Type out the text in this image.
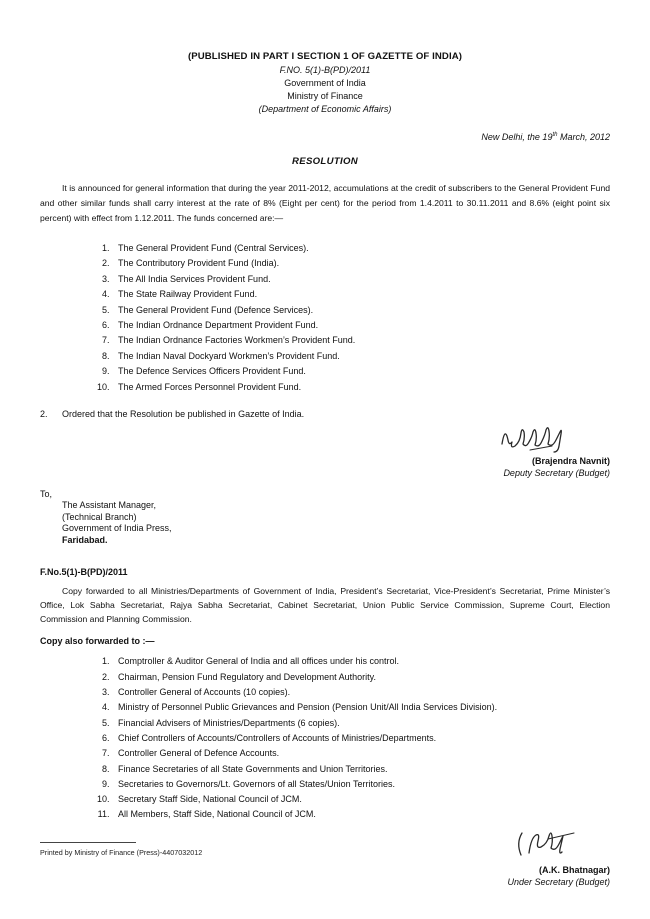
(PUBLISHED IN PART I SECTION 1 OF GAZETTE OF INDIA)
F.NO. 5(1)-B(PD)/2011
Government of India
Ministry of Finance
(Department of Economic Affairs)
New Delhi, the 19th March, 2012
RESOLUTION

It is announced for general information that during the year 2011-2012, accumulations at the credit of subscribers to the General Provident Fund and other similar funds shall carry interest at the rate of 8% (Eight per cent) for the period from 1.4.2011 to 30.11.2011 and 8.6% (eight point six percent) with effect from 1.12.2011. The funds concerned are:—

1. The General Provident Fund (Central Services).
2. The Contributory Provident Fund (India).
3. The All India Services Provident Fund.
4. The State Railway Provident Fund.
5. The General Provident Fund (Defence Services).
6. The Indian Ordnance Department Provident Fund.
7. The Indian Ordnance Factories Workmen’s Provident Fund.
8. The Indian Naval Dockyard Workmen’s Provident Fund.
9. The Defence Services Officers Provident Fund.
10. The Armed Forces Personnel Provident Fund.
2.	Ordered that the Resolution be published in Gazette of India.
(Brajendra Navnit)
Deputy Secretary (Budget)
To,
The Assistant Manager,
(Technical Branch)
Government of India Press,
Faridabad.
F.No.5(1)-B(PD)/2011

Copy forwarded to all Ministries/Departments of Government of India, President’s Secretariat, Vice-President’s Secretariat, Prime Minister’s Office, Lok Sabha Secretariat, Rajya Sabha Secretariat, Cabinet Secretariat, Union Public Service Commission, Supreme Court, Election Commission and Planning Commission.

Copy also forwarded to :—
1. Comptroller & Auditor General of India and all offices under his control.
2. Chairman, Pension Fund Regulatory and Development Authority.
3. Controller General of Accounts (10 copies).
4. Ministry of Personnel Public Grievances and Pension (Pension Unit/All India Services Division).
5. Financial Advisers of Ministries/Departments (6 copies).
6. Chief Controllers of Accounts/Controllers of Accounts of Ministries/Departments.
7. Controller General of Defence Accounts.
8. Finance Secretaries of all State Governments and Union Territories.
9. Secretaries to Governors/Lt. Governors of all States/Union Territories.
10. Secretary Staff Side, National Council of JCM.
11. All Members, Staff Side, National Council of JCM.
(A.K. Bhatnagar)
Under Secretary (Budget)
Printed by Ministry of Finance (Press)-4407032012
